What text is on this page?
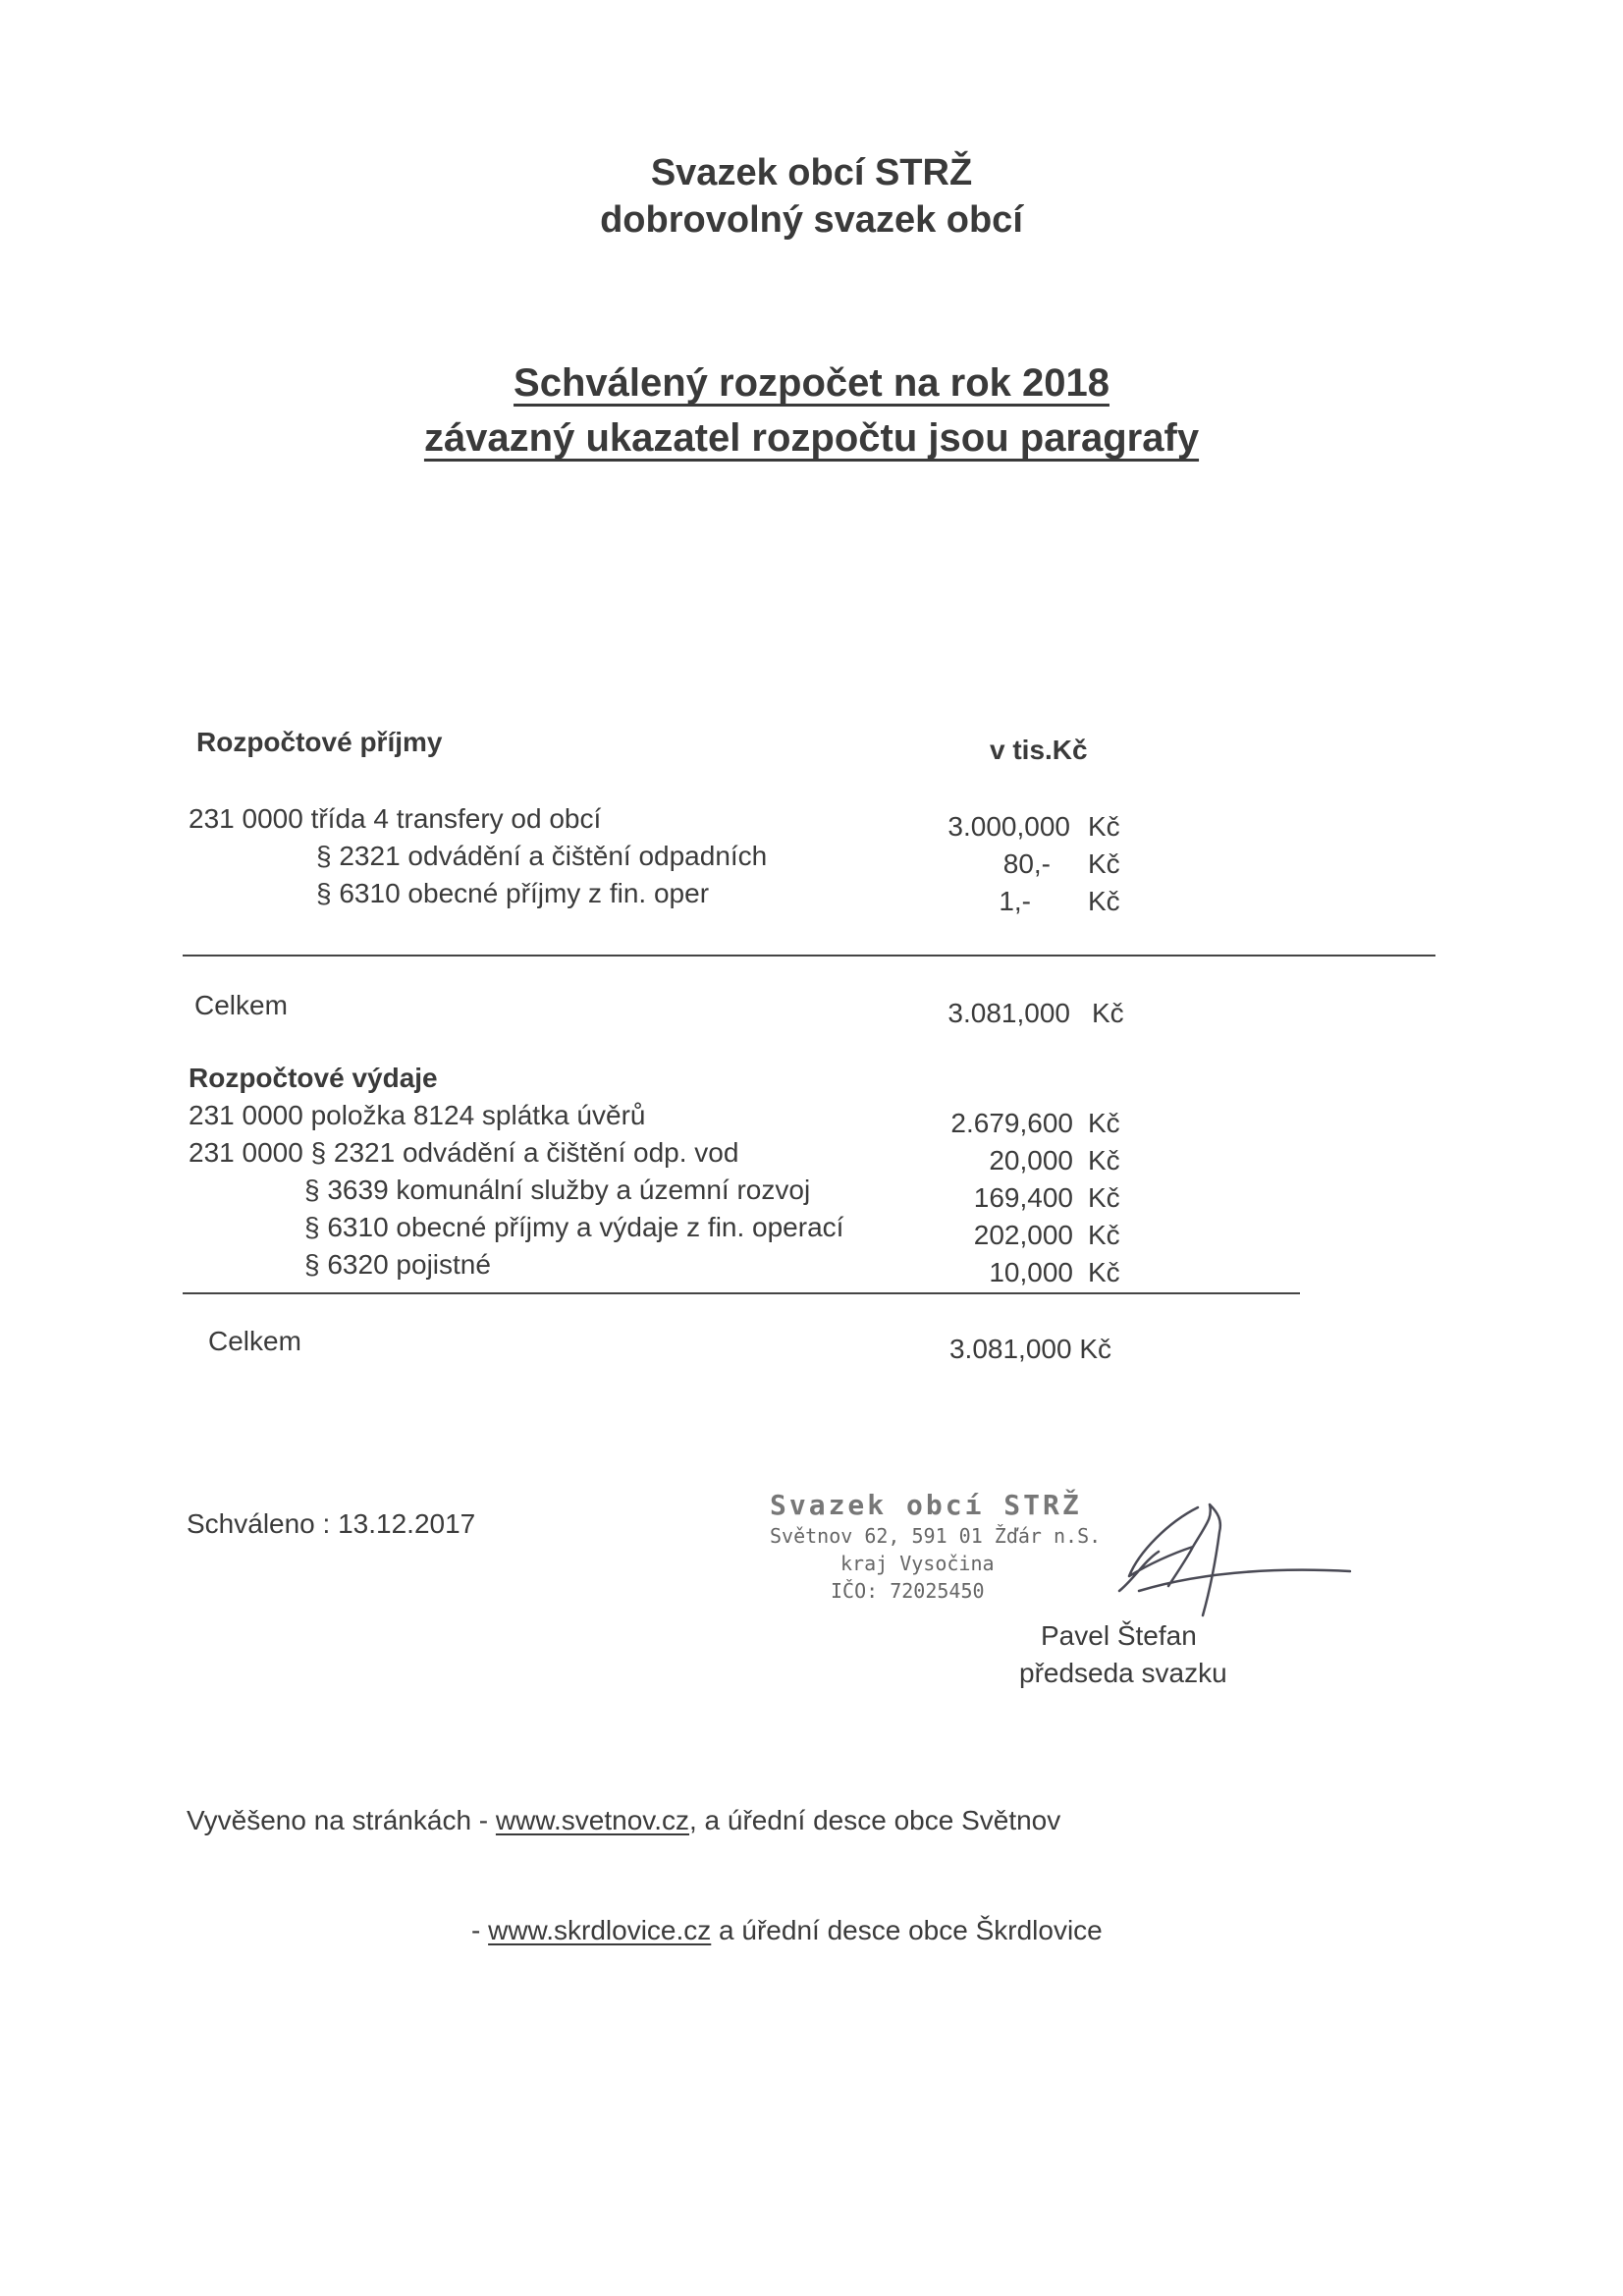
Svazek obcí STRŽ
dobrovolný svazek obcí
Schválený rozpočet na rok 2018
závazný ukazatel rozpočtu jsou paragrafy
Rozpočtové příjmy	v tis.Kč
231 0000 třída 4 transfery od obcí	3.000,000 Kč
§ 2321 odvádění a čištění odpadních	80,- Kč
§ 6310 obecné příjmy z fin. oper	1,- Kč
Celkem	3.081,000 Kč
Rozpočtové výdaje
231 0000 položka 8124 splátka úvěrů	2.679,600 Kč
231 0000 § 2321 odvádění a čištění odp. vod	20,000 Kč
§ 3639 komunální služby a územní rozvoj	169,400 Kč
§ 6310 obecné příjmy a výdaje z fin. operací	202,000 Kč
§ 6320 pojistné	10,000 Kč
Celkem	3.081,000 Kč
Schváleno : 13.12.2017
Svazek obcí STRŽ
Světnov 62, 591 01 Žďár n.S.
kraj Vysočina
IČO: 72025450
Pavel Štefan
předseda svazku
Vyvěšeno na stránkách - www.svetnov.cz, a úřední desce obce Světnov
- www.skrdlovice.cz a úřední desce obce Škrdlovice
